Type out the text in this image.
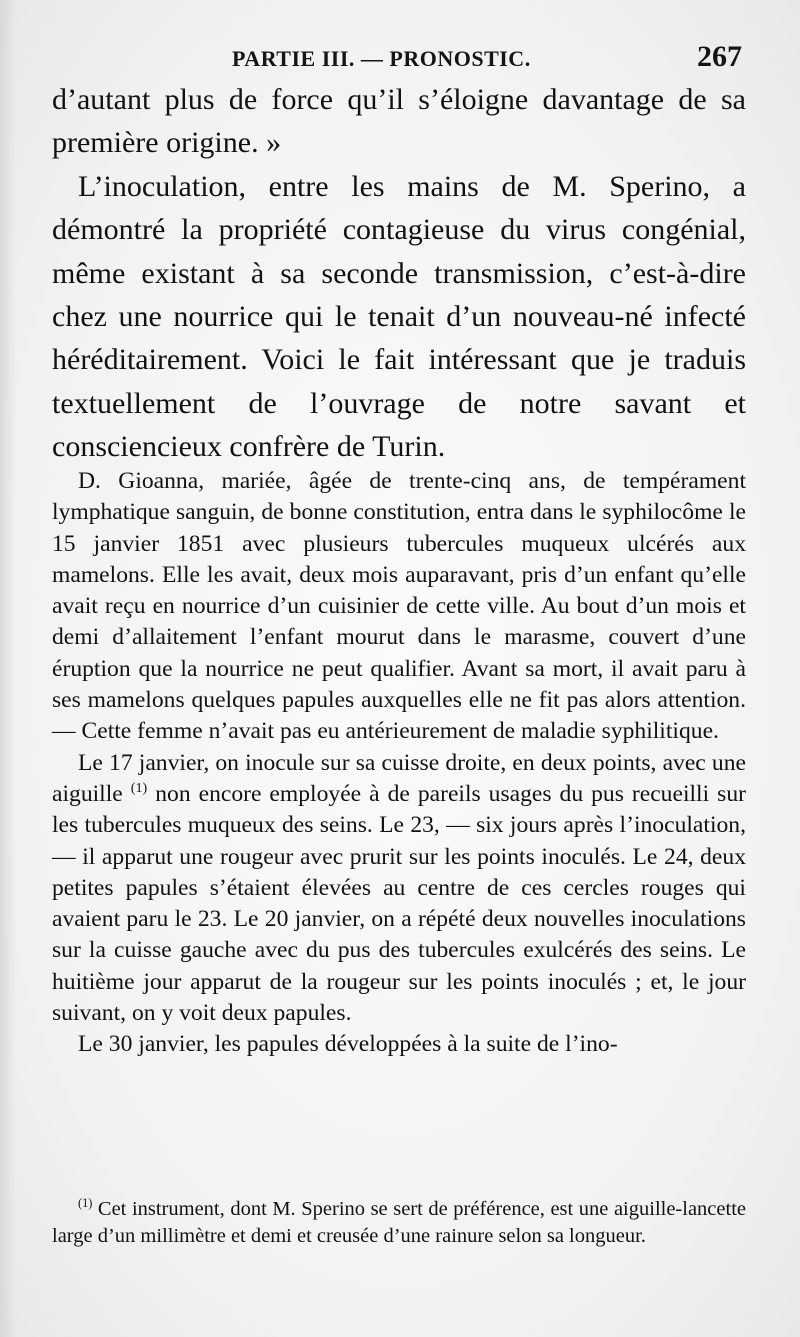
PARTIE III. — PRONOSTIC.	267

d’autant plus de force qu’il s’éloigne davantage de sa première origine. »

L’inoculation, entre les mains de M. Sperino, a démontré la propriété contagieuse du virus congénial, même existant à sa seconde transmission, c’est-à-dire chez une nourrice qui le tenait d’un nouveau-né infecté héréditairement. Voici le fait intéressant que je traduis textuellement de l’ouvrage de notre savant et consciencieux confrère de Turin.

D. Gioanna, mariée, âgée de trente-cinq ans, de tempérament lymphatique sanguin, de bonne constitution, entra dans le syphilocôme le 15 janvier 1851 avec plusieurs tubercules muqueux ulcérés aux mamelons. Elle les avait, deux mois auparavant, pris d’un enfant qu’elle avait reçu en nourrice d’un cuisinier de cette ville. Au bout d’un mois et demi d’allaitement l’enfant mourut dans le marasme, couvert d’une éruption que la nourrice ne peut qualifier. Avant sa mort, il avait paru à ses mamelons quelques papules auxquelles elle ne fit pas alors attention. — Cette femme n’avait pas eu antérieurement de maladie syphilitique.

Le 17 janvier, on inocule sur sa cuisse droite, en deux points, avec une aiguille $^{(1)}$ non encore employée à de pareils usages du pus recueilli sur les tubercules muqueux des seins. Le 23, — six jours après l’inoculation, — il apparut une rougeur avec prurit sur les points inoculés. Le 24, deux petites papules s’étaient élevées au centre de ces cercles rouges qui avaient paru le 23. Le 20 janvier, on a répété deux nouvelles inoculations sur la cuisse gauche avec du pus des tubercules exulcérés des seins. Le huitième jour apparut de la rougeur sur les points inoculés ; et, le jour suivant, on y voit deux papules.

Le 30 janvier, les papules développées à la suite de l’ino-

$^{(1)}$ Cet instrument, dont M. Sperino se sert de préférence, est une aiguille-lancette large d’un millimètre et demi et creusée d’une rainure selon sa longueur.
